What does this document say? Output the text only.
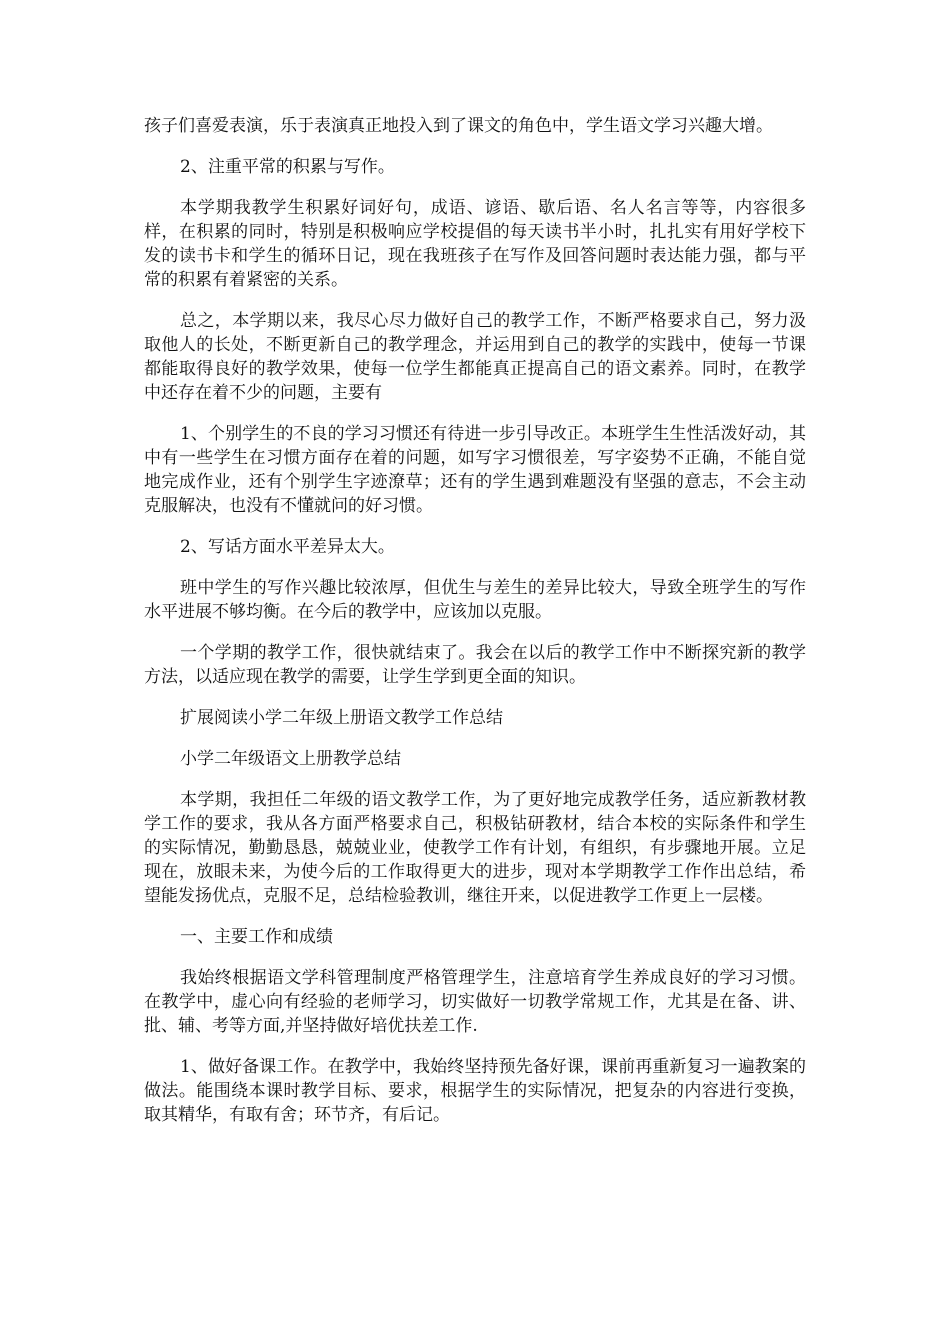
孩子们喜爱表演，乐于表演真正地投入到了课文的角色中，学生语文学习兴趣大增。

2、注重平常的积累与写作。

本学期我教学生积累好词好句，成语、谚语、歇后语、名人名言等等，内容很多样，在积累的同时，特别是积极响应学校提倡的每天读书半小时，扎扎实有用好学校下发的读书卡和学生的循环日记，现在我班孩子在写作及回答问题时表达能力强，都与平常的积累有着紧密的关系。

总之，本学期以来，我尽心尽力做好自己的教学工作，不断严格要求自己，努力汲取他人的长处，不断更新自己的教学理念，并运用到自己的教学的实践中，使每一节课都能取得良好的教学效果，使每一位学生都能真正提高自己的语文素养。同时，在教学中还存在着不少的问题，主要有

1、个别学生的不良的学习习惯还有待进一步引导改正。本班学生生性活泼好动，其中有一些学生在习惯方面存在着的问题，如写字习惯很差，写字姿势不正确，不能自觉地完成作业，还有个别学生字迹潦草；还有的学生遇到难题没有坚强的意志，不会主动克服解决，也没有不懂就问的好习惯。

2、写话方面水平差异太大。

班中学生的写作兴趣比较浓厚，但优生与差生的差异比较大，导致全班学生的写作水平进展不够均衡。在今后的教学中，应该加以克服。

一个学期的教学工作，很快就结束了。我会在以后的教学工作中不断探究新的教学方法，以适应现在教学的需要，让学生学到更全面的知识。

扩展阅读小学二年级上册语文教学工作总结

小学二年级语文上册教学总结

本学期，我担任二年级的语文教学工作，为了更好地完成教学任务，适应新教材教学工作的要求，我从各方面严格要求自己，积极钻研教材，结合本校的实际条件和学生的实际情况，勤勤恳恳，兢兢业业，使教学工作有计划，有组织，有步骤地开展。立足现在，放眼未来，为使今后的工作取得更大的进步，现对本学期教学工作作出总结，希望能发扬优点，克服不足，总结检验教训，继往开来，以促进教学工作更上一层楼。

一、主要工作和成绩

我始终根据语文学科管理制度严格管理学生，注意培育学生养成良好的学习习惯。在教学中，虚心向有经验的老师学习，切实做好一切教学常规工作，尤其是在备、讲、批、辅、考等方面,并坚持做好培优扶差工作.

1、做好备课工作。在教学中，我始终坚持预先备好课，课前再重新复习一遍教案的做法。能围绕本课时教学目标、要求，根据学生的实际情况，把复杂的内容进行变换，取其精华，有取有舍；环节齐，有后记。
